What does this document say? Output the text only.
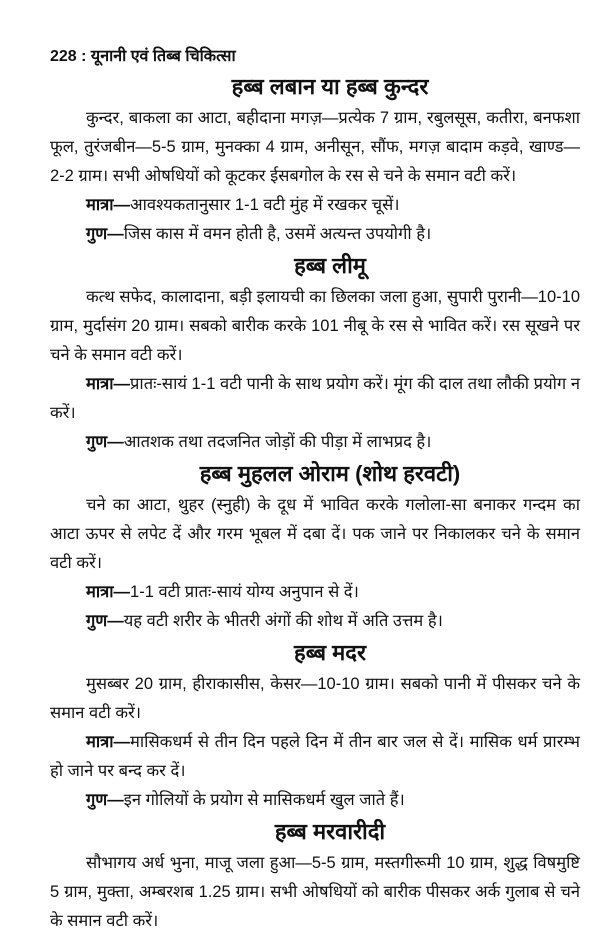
228 : यूनानी एवं तिब्ब चिकित्सा
हब्ब लबान या हब्ब कुन्दर

कुन्दर, बाकला का आटा, बहीदाना मगज़—प्रत्येक 7 ग्राम, रबुलसूस, कतीरा, बनफशा फूल, तुरंजबीन—5-5 ग्राम, मुनक्का 4 ग्राम, अनीसून, सौंफ, मगज़ बादाम कड़वे, खाण्ड—2-2 ग्राम। सभी ओषधियों को कूटकर ईसबगोल के रस से चने के समान वटी करें।

मात्रा—आवश्यकतानुसार 1-1 वटी मुंह में रखकर चूसें।

गुण—जिस कास में वमन होती है, उसमें अत्यन्त उपयोगी है।

हब्ब लीमू

कत्थ सफेद, कालादाना, बड़ी इलायची का छिलका जला हुआ, सुपारी पुरानी—10-10 ग्राम, मुर्दासंग 20 ग्राम। सबको बारीक करके 101 नीबू के रस से भावित करें। रस सूखने पर चने के समान वटी करें।

मात्रा—प्रातः-सायं 1-1 वटी पानी के साथ प्रयोग करें। मूंग की दाल तथा लौकी प्रयोग न करें।

गुण—आतशक तथा तदजनित जोड़ों की पीड़ा में लाभप्रद है।

हब्ब मुहलल ओराम (शोथ हरवटी)

चने का आटा, थुहर (स्नुही) के दूध में भावित करके गलोला-सा बनाकर गन्दम का आटा ऊपर से लपेट दें और गरम भूबल में दबा दें। पक जाने पर निकालकर चने के समान वटी करें।

मात्रा—1-1 वटी प्रातः-सायं योग्य अनुपान से दें।

गुण—यह वटी शरीर के भीतरी अंगों की शोथ में अति उत्तम है।

हब्ब मदर

मुसब्बर 20 ग्राम, हीराकासीस, केसर—10-10 ग्राम। सबको पानी में पीसकर चने के समान वटी करें।

मात्रा—मासिकधर्म से तीन दिन पहले दिन में तीन बार जल से दें। मासिक धर्म प्रारम्भ हो जाने पर बन्द कर दें।

गुण—इन गोलियों के प्रयोग से मासिकधर्म खुल जाते हैं।

हब्ब मरवारीदी

सौभागय अर्ध भुना, माजू जला हुआ—5-5 ग्राम, मस्तगीरूमी 10 ग्राम, शुद्ध विषमुष्टि 5 ग्राम, मुक्ता, अम्बरशब 1.25 ग्राम। सभी ओषधियों को बारीक पीसकर अर्क गुलाब से चने के समान वटी करें।
